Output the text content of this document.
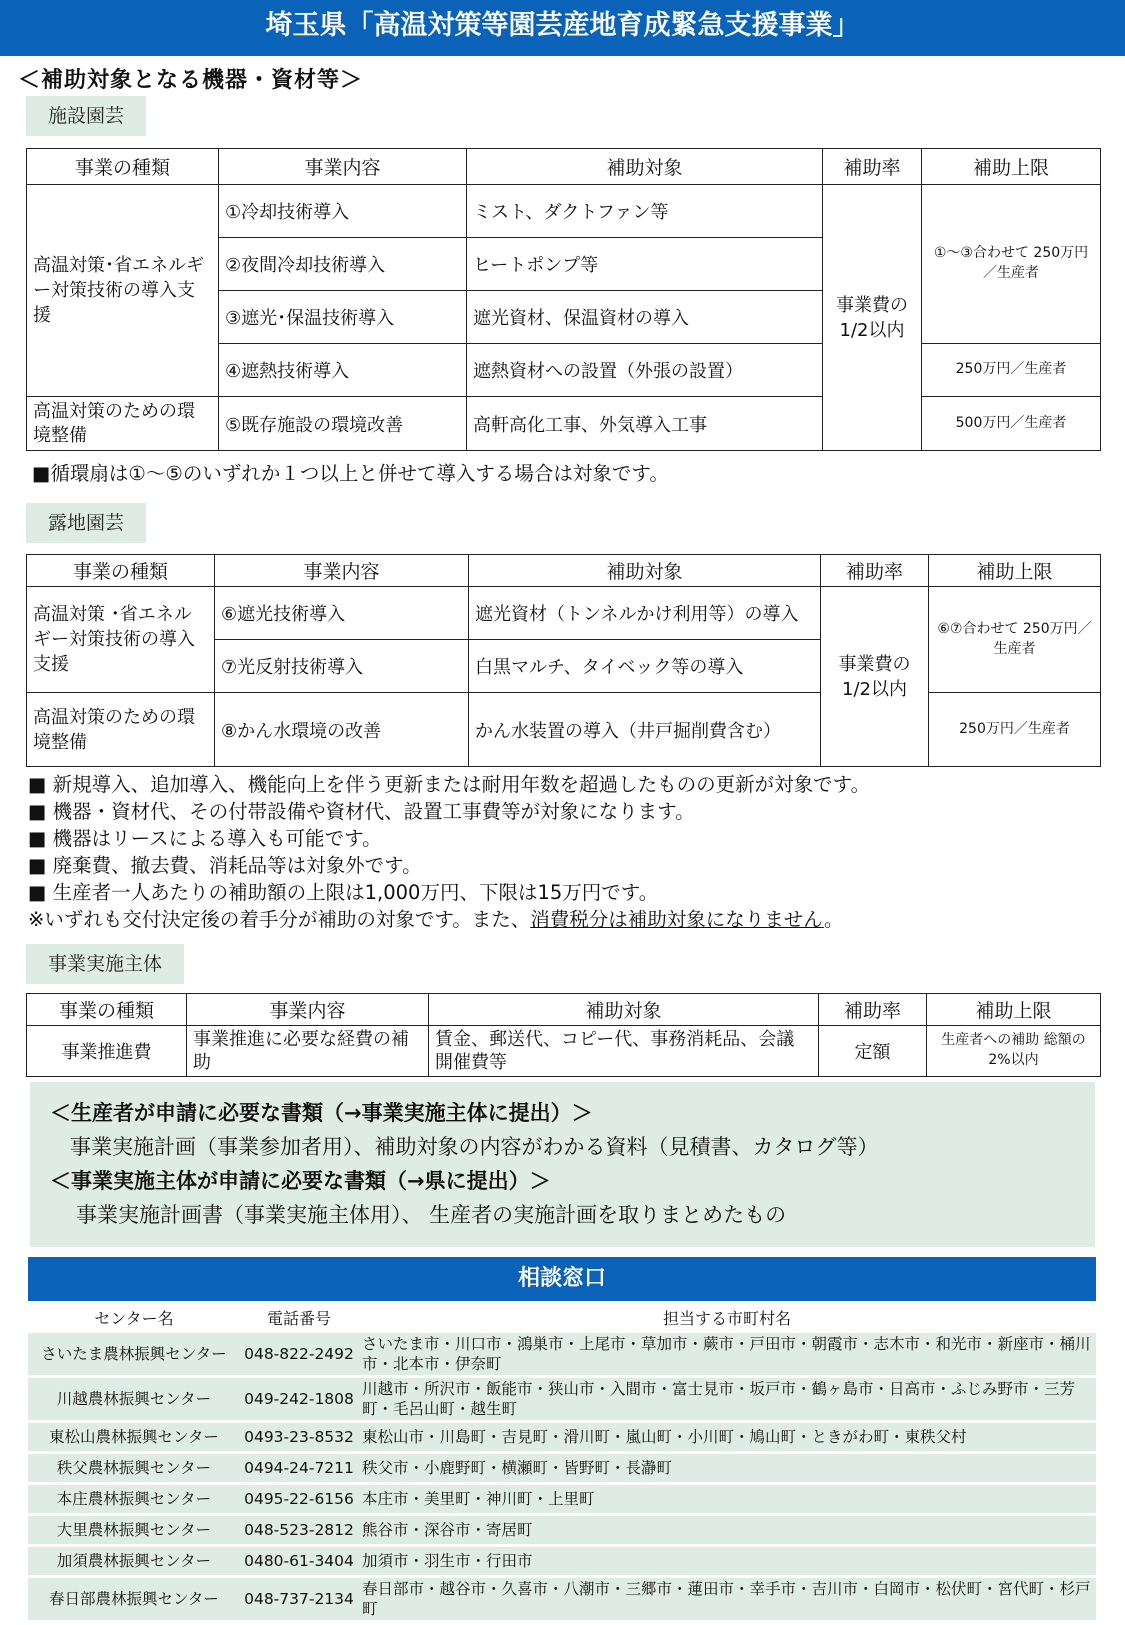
埼玉県「高温対策等園芸産地育成緊急支援事業」
＜補助対象となる機器・資材等＞
施設園芸
事業の種類	事業内容	補助対象	補助率	補助上限
高温対策･省エネルギー対策技術の導入支援	①冷却技術導入	ミスト、ダクトファン等	事業費の1/2以内	①～③合わせて 250万円／生産者
	②夜間冷却技術導入	ヒートポンプ等		
	③遮光･保温技術導入	遮光資材、保温資材の導入		
	④遮熱技術導入	遮熱資材への設置（外張の設置）		250万円／生産者
高温対策のための環境整備	⑤既存施設の環境改善	高軒高化工事、外気導入工事		500万円／生産者
■循環扇は①～⑤のいずれか１つ以上と併せて導入する場合は対象です。
露地園芸
事業の種類	事業内容	補助対象	補助率	補助上限
高温対策 ･省エネルギー対策技術の導入支援	⑥遮光技術導入	遮光資材（トンネルかけ利用等）の導入	事業費の1/2以内	⑥⑦合わせて 250万円／生産者
	⑦光反射技術導入	白黒マルチ、タイベック等の導入		
高温対策のための環境整備	⑧かん水環境の改善	かん水装置の導入（井戸掘削費含む）		250万円／生産者
■ 新規導入、追加導入、機能向上を伴う更新または耐用年数を超過したものの更新が対象です。
■ 機器・資材代、その付帯設備や資材代、設置工事費等が対象になります。
■ 機器はリースによる導入も可能です。
■ 廃棄費、撤去費、消耗品等は対象外です。
■ 生産者一人あたりの補助額の上限は1,000万円、下限は15万円です。
※いずれも交付決定後の着手分が補助の対象です。また、消費税分は補助対象になりません。
事業実施主体
事業の種類	事業内容	補助対象	補助率	補助上限
事業推進費	事業推進に必要な経費の補助	賃金、郵送代、コピー代、事務消耗品、会議開催費等	定額	生産者への補助 総額の2%以内
＜生産者が申請に必要な書類（→事業実施主体に提出）＞
事業実施計画（事業参加者用）、補助対象の内容がわかる資料（見積書、カタログ等）
＜事業実施主体が申請に必要な書類（→県に提出）＞
事業実施計画書（事業実施主体用）、 生産者の実施計画を取りまとめたもの
相談窓口
センター名	電話番号	担当する市町村名
さいたま農林振興センター	048-822-2492	さいたま市・川口市・鴻巣市・上尾市・草加市・蕨市・戸田市・朝霞市・志木市・和光市・新座市・桶川市・北本市・伊奈町
川越農林振興センター	049-242-1808	川越市・所沢市・飯能市・狭山市・入間市・富士見市・坂戸市・鶴ヶ島市・日高市・ふじみ野市・三芳町・毛呂山町・越生町
東松山農林振興センター	0493-23-8532	東松山市・川島町・吉見町・滑川町・嵐山町・小川町・鳩山町・ときがわ町・東秩父村
秩父農林振興センター	0494-24-7211	秩父市・小鹿野町・横瀬町・皆野町・長瀞町
本庄農林振興センター	0495-22-6156	本庄市・美里町・神川町・上里町
大里農林振興センター	048-523-2812	熊谷市・深谷市・寄居町
加須農林振興センター	0480-61-3404	加須市・羽生市・行田市
春日部農林振興センター	048-737-2134	春日部市・越谷市・久喜市・八潮市・三郷市・蓮田市・幸手市・吉川市・白岡市・松伏町・宮代町・杉戸町
